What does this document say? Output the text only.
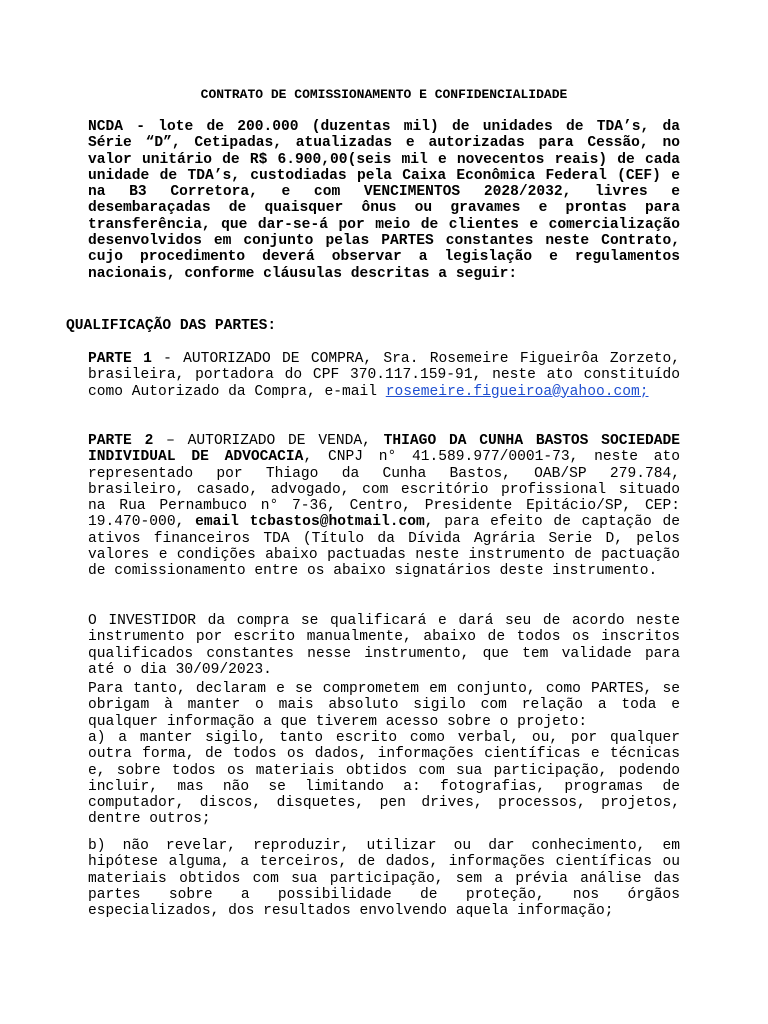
CONTRATO DE COMISSIONAMENTO E CONFIDENCIALIDADE
NCDA - lote de 200.000 (duzentas mil) de unidades de TDA’s, da Série “D”, Cetipadas, atualizadas e autorizadas para Cessão, no valor unitário de R$ 6.900,00(seis mil e novecentos reais) de cada unidade de TDA’s, custodiadas pela Caixa Econômica Federal (CEF) e na B3 Corretora, e com VENCIMENTOS 2028/2032, livres e desembaraçadas de quaisquer ônus ou gravames e prontas para transferência, que dar-se-á por meio de clientes e comercialização desenvolvidos em conjunto pelas PARTES constantes neste Contrato, cujo procedimento deverá observar a legislação e regulamentos nacionais, conforme cláusulas descritas a seguir:
QUALIFICAÇÃO DAS PARTES:
PARTE 1 - AUTORIZADO DE COMPRA, Sra. Rosemeire Figueirôa Zorzeto, brasileira, portadora do CPF 370.117.159-91, neste ato constituído como Autorizado da Compra, e-mail rosemeire.figueiroa@yahoo.com;
PARTE 2 – AUTORIZADO DE VENDA, THIAGO DA CUNHA BASTOS SOCIEDADE INDIVIDUAL DE ADVOCACIA, CNPJ n° 41.589.977/0001-73, neste ato representado por Thiago da Cunha Bastos, OAB/SP 279.784, brasileiro, casado, advogado, com escritório profissional situado na Rua Pernambuco n° 7-36, Centro, Presidente Epitácio/SP, CEP: 19.470-000, email tcbastos@hotmail.com, para efeito de captação de ativos financeiros TDA (Título da Dívida Agrária Serie D, pelos valores e condições abaixo pactuadas neste instrumento de pactuação de comissionamento entre os abaixo signatários deste instrumento.
O INVESTIDOR da compra se qualificará e dará seu de acordo neste instrumento por escrito manualmente, abaixo de todos os inscritos qualificados constantes nesse instrumento, que tem validade para até o dia 30/09/2023.
Para tanto, declaram e se comprometem em conjunto, como PARTES, se obrigam à manter o mais absoluto sigilo com relação a toda e qualquer informação a que tiverem acesso sobre o projeto:
a) a manter sigilo, tanto escrito como verbal, ou, por qualquer outra forma, de todos os dados, informações científicas e técnicas e, sobre todos os materiais obtidos com sua participação, podendo incluir, mas não se limitando a: fotografias, programas de computador, discos, disquetes, pen drives, processos, projetos, dentre outros;
b) não revelar, reproduzir, utilizar ou dar conhecimento, em hipótese alguma, a terceiros, de dados, informações científicas ou materiais obtidos com sua participação, sem a prévia análise das partes sobre a possibilidade de proteção, nos órgãos especializados, dos resultados envolvendo aquela informação;
